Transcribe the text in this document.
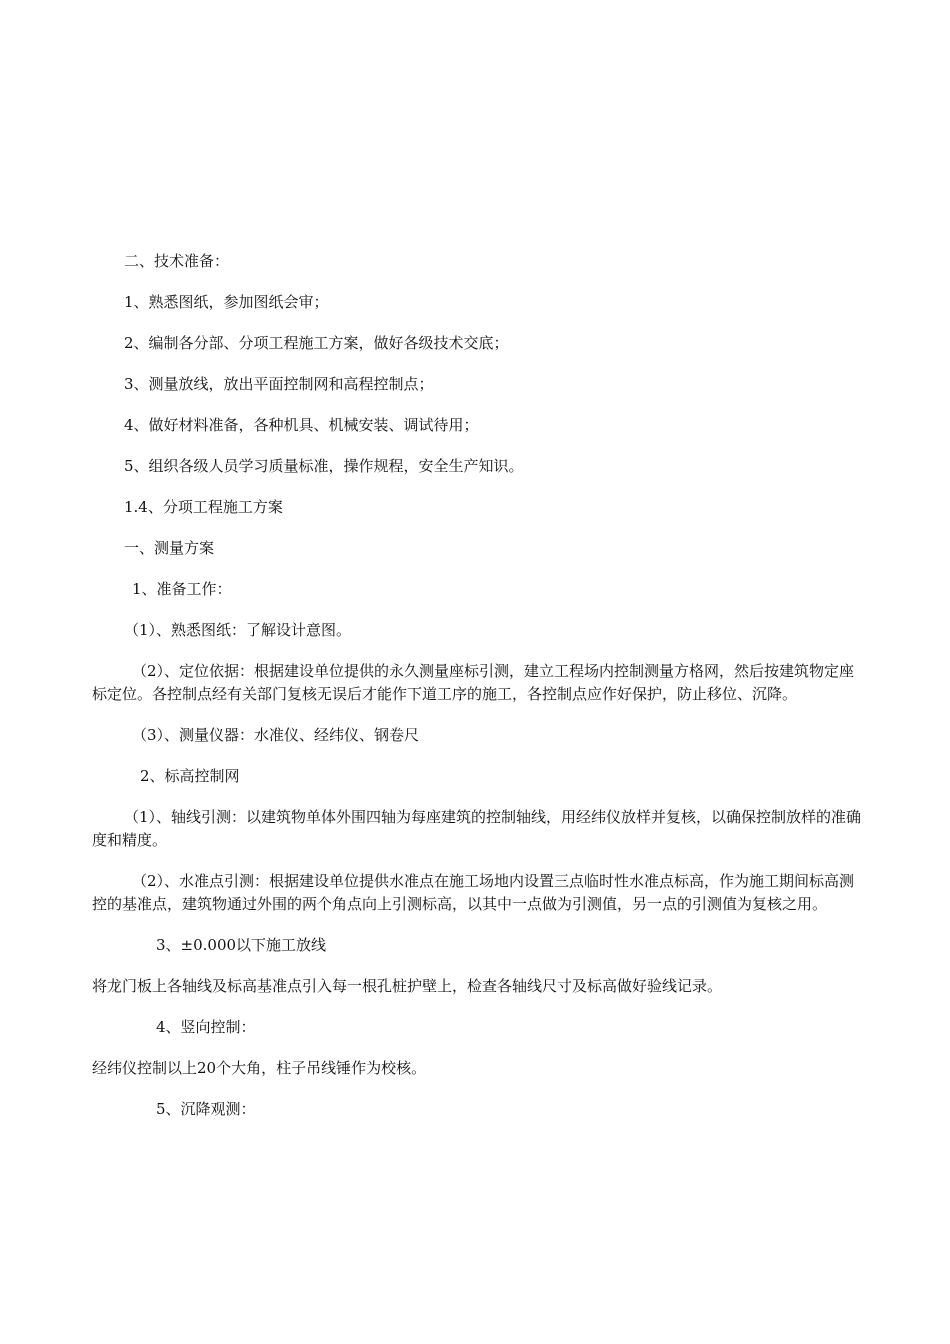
二、技术准备：

1、熟悉图纸，参加图纸会审；

2、编制各分部、分项工程施工方案，做好各级技术交底；

3、测量放线，放出平面控制网和高程控制点；

4、做好材料准备，各种机具、机械安装、调试待用；

5、组织各级人员学习质量标准，操作规程，安全生产知识。

1.4、分项工程施工方案

一、测量方案

1、准备工作：

（1）、熟悉图纸：了解设计意图。

（2）、定位依据：根据建设单位提供的永久测量座标引测，建立工程场内控制测量方格网，然后按建筑物定座标定位。各控制点经有关部门复核无误后才能作下道工序的施工，各控制点应作好保护，防止移位、沉降。

（3）、测量仪器：水准仪、经纬仪、钢卷尺

2、标高控制网

（1）、轴线引测：以建筑物单体外围四轴为每座建筑的控制轴线，用经纬仪放样并复核，以确保控制放样的准确度和精度。

（2）、水准点引测：根据建设单位提供水准点在施工场地内设置三点临时性水准点标高，作为施工期间标高测控的基准点，建筑物通过外围的两个角点向上引测标高，以其中一点做为引测值，另一点的引测值为复核之用。

3、±0.000以下施工放线

将龙门板上各轴线及标高基准点引入每一根孔桩护壁上，检查各轴线尺寸及标高做好验线记录。

4、竖向控制：

经纬仪控制以上20个大角，柱子吊线锤作为校核。

5、沉降观测：
